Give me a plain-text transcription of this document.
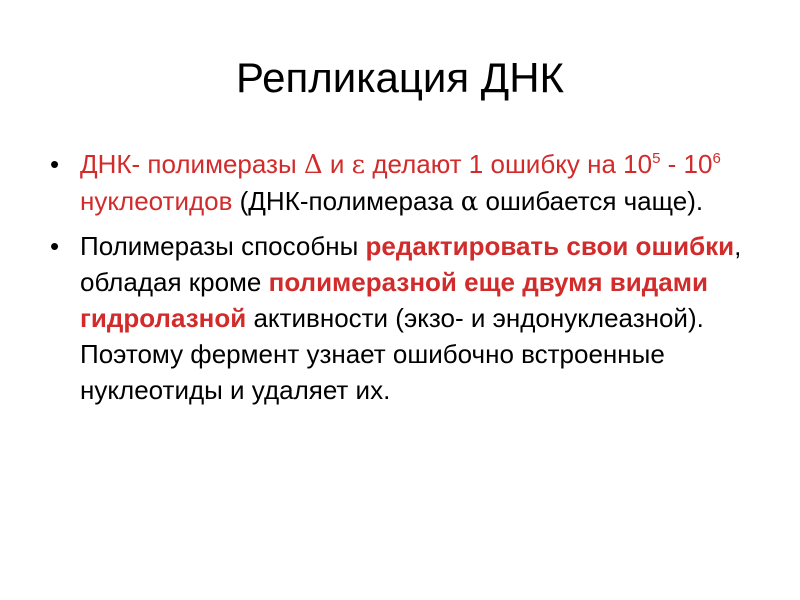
Репликация ДНК
• ДНК- полимеразы Δ и ε делают 1 ошибку на $10^5 - 10^6$ нуклеотидов (ДНК-полимераза α ошибается чаще).
• Полимеразы способны редактировать свои ошибки, обладая кроме полимеразной еще двумя видами гидролазной активности (экзо- и эндонуклеазной). Поэтому фермент узнает ошибочно встроенные нуклеотиды и удаляет их.
